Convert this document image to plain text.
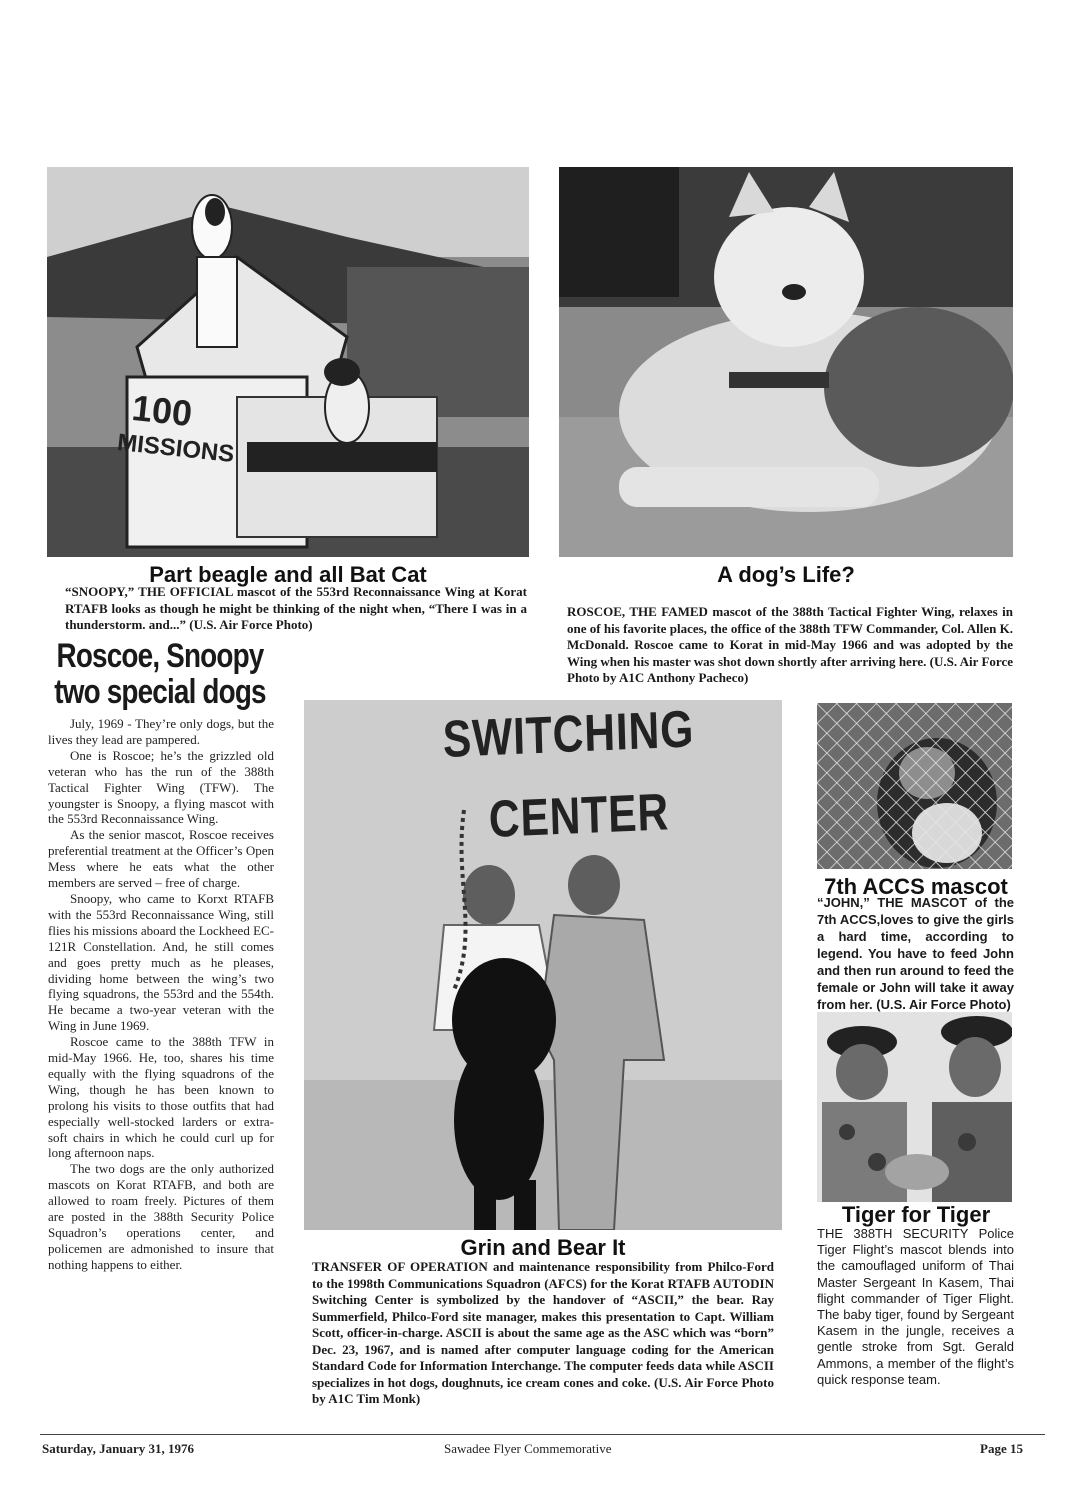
100
MISSIONS
Part beagle and all Bat Cat

“SNOOPY,” THE OFFICIAL mascot of the 553rd Reconnaissance Wing at Korat RTAFB looks as though he might be thinking of the night when, “There I was in a thunderstorm. and...” (U.S. Air Force Photo)

A dog’s Life?

ROSCOE, THE FAMED mascot of the 388th Tactical Fighter Wing, relaxes in one of his favorite places, the office of the 388th TFW Commander, Col. Allen K. McDonald. Roscoe came to Korat in mid-May 1966 and was adopted by the Wing when his master was shot down shortly after arriving here. (U.S. Air Force Photo by A1C Anthony Pacheco)

Roscoe, Snoopy
two special dogs

July, 1969 - They’re only dogs, but the lives they lead are pampered.

One is Roscoe; he’s the grizzled old veteran who has the run of the 388th Tactical Fighter Wing (TFW). The youngster is Snoopy, a flying mascot with the 553rd Reconnaissance Wing.

As the senior mascot, Roscoe receives preferential treatment at the Officer’s Open Mess where he eats what the other members are served – free of charge.

Snoopy, who came to Korxt RTAFB with the 553rd Reconnaissance Wing, still flies his missions aboard the Lockheed EC-121R Constellation. And, he still comes and goes pretty much as he pleases, dividing home between the wing’s two flying squadrons, the 553rd and the 554th. He became a two-year veteran with the Wing in June 1969.

Roscoe came to the 388th TFW in mid-May 1966. He, too, shares his time equally with the flying squadrons of the Wing, though he has been known to prolong his visits to those outfits that had especially well-stocked larders or extra-soft chairs in which he could curl up for long afternoon naps.

The two dogs are the only authorized mascots on Korat RTAFB, and both are allowed to roam freely. Pictures of them are posted in the 388th Security Police Squadron’s operations center, and policemen are admonished to insure that nothing happens to either.

SWITCHING
CENTER
Grin and Bear It

TRANSFER OF OPERATION and maintenance responsibility from Philco-Ford to the 1998th Communications Squadron (AFCS) for the Korat RTAFB AUTODIN Switching Center is symbolized by the handover of “ASCII,” the bear. Ray Summerfield, Philco-Ford site manager, makes this presentation to Capt. William Scott, officer-in-charge. ASCII is about the same age as the ASC which was “born” Dec. 23, 1967, and is named after computer language coding for the American Standard Code for Information Interchange. The computer feeds data while ASCII specializes in hot dogs, doughnuts, ice cream cones and coke. (U.S. Air Force Photo by A1C Tim Monk)

7th ACCS mascot

“JOHN,” THE MASCOT of the 7th ACCS,loves to give the girls a hard time, according to legend. You have to feed John and then run around to feed the female or John will take it away from her. (U.S. Air Force Photo)

Tiger for Tiger

THE 388TH SECURITY Police Tiger Flight’s mascot blends into the camouflaged uniform of Thai Master Sergeant In Kasem, Thai flight commander of Tiger Flight. The baby tiger, found by Sergeant Kasem in the jungle, receives a gentle stroke from Sgt. Gerald Ammons, a member of the flight’s quick response team.

Saturday, January 31, 1976	Sawadee Flyer Commemorative	Page 15
